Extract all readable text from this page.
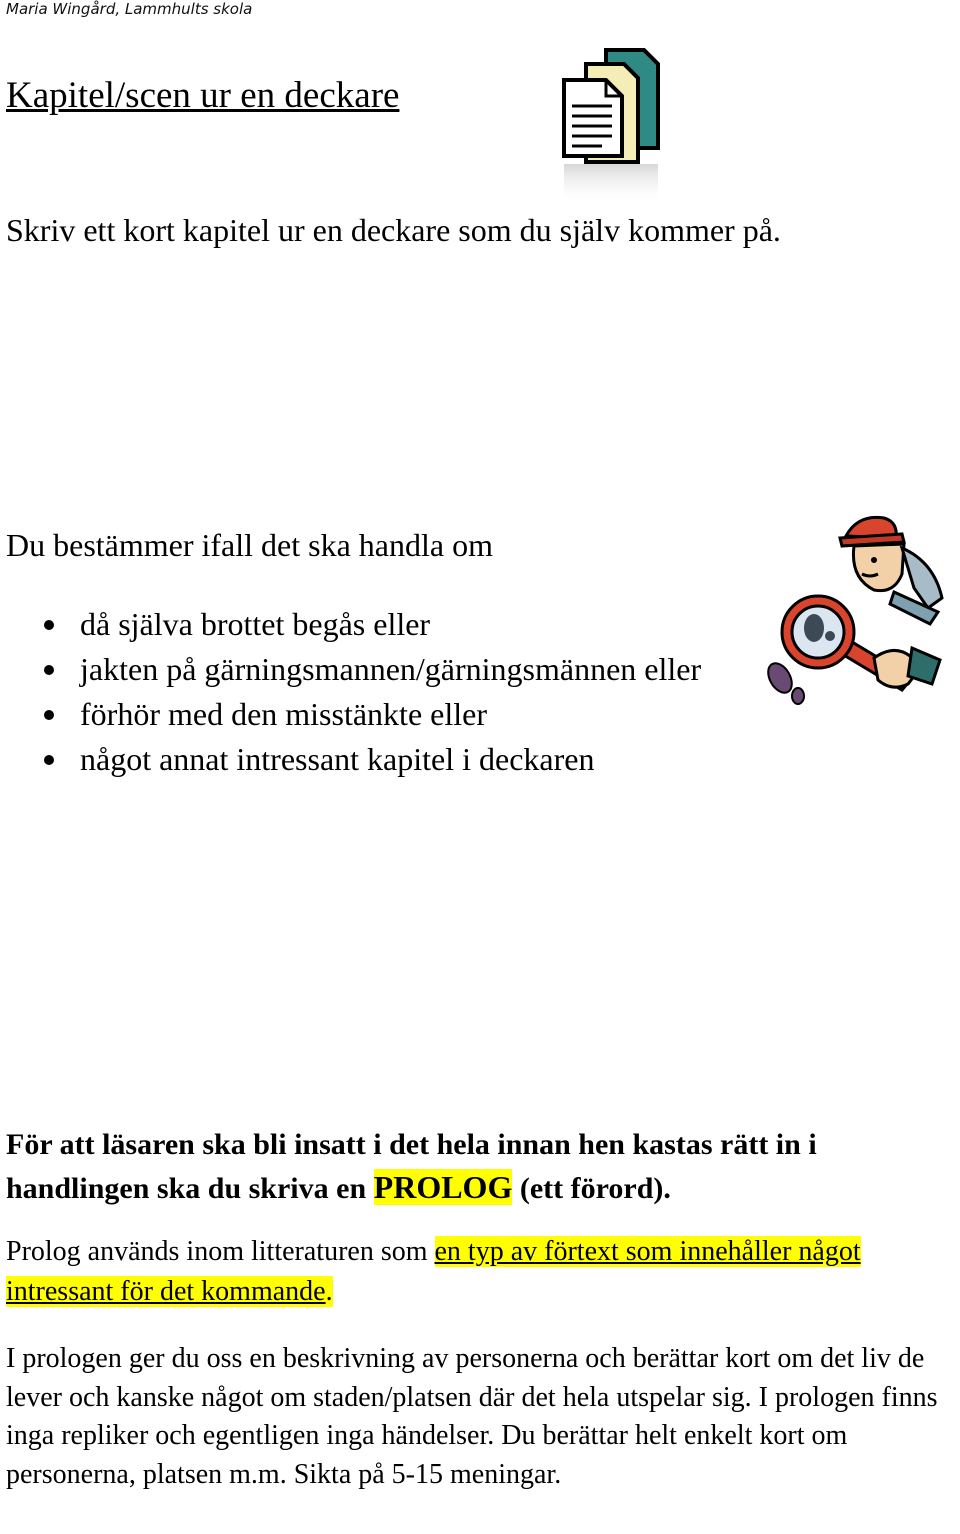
Maria Wingård, Lammhults skola
Kapitel/scen ur en deckare

Skriv ett kort kapitel ur en deckare som du själv kommer på.

Du bestämmer ifall det ska handla om

då själva brottet begås eller
jakten på gärningsmannen/gärningsmännen eller
förhör med den misstänkte eller
något annat intressant kapitel i deckaren

För att läsaren ska bli insatt i det hela innan hen kastas rätt in i handlingen ska du skriva en PROLOG (ett förord).

Prolog används inom litteraturen som en typ av förtext som innehåller något intressant för det kommande.

I prologen ger du oss en beskrivning av personerna och berättar kort om det liv de lever och kanske något om staden/platsen där det hela utspelar sig. I prologen finns inga repliker och egentligen inga händelser. Du berättar helt enkelt kort om personerna, platsen m.m. Sikta på 5-15 meningar.
